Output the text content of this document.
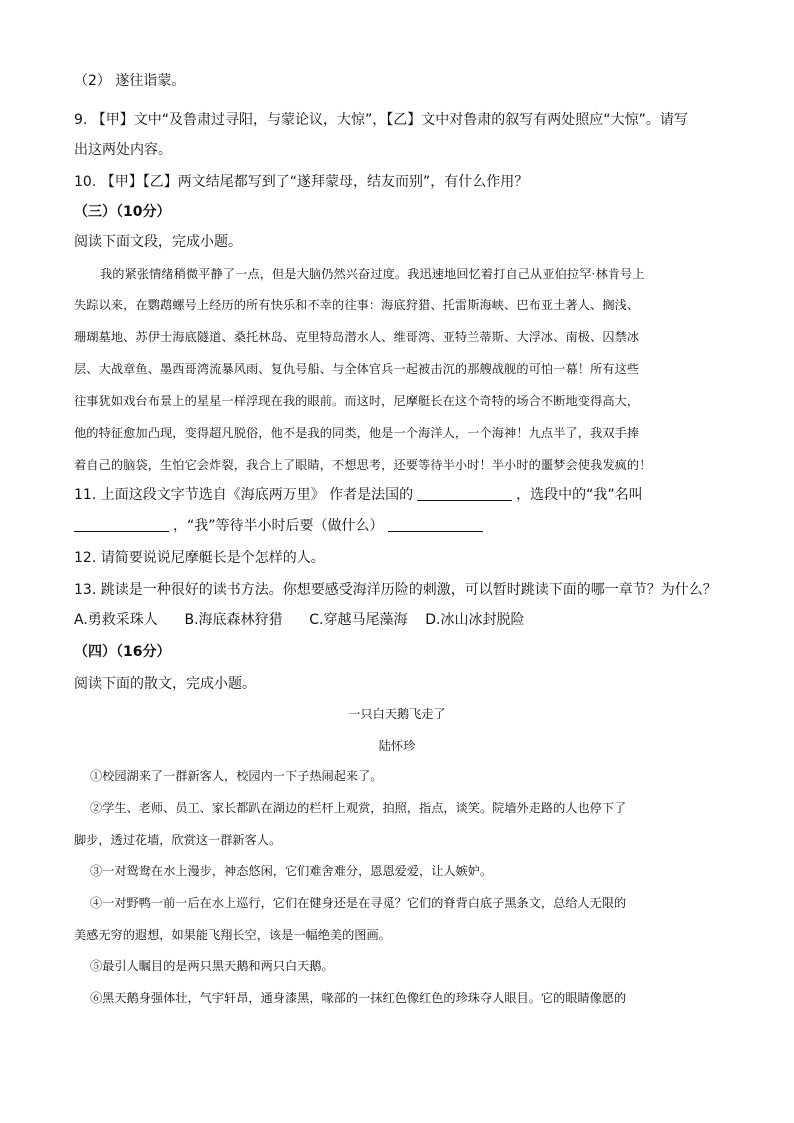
（2） 遂往诣蒙。
9. 【甲】文中“及鲁肃过寻阳，与蒙论议，大惊”，【乙】文中对鲁肃的叙写有两处照应“大惊”。请写
出这两处内容。
10. 【甲】【乙】两文结尾都写到了“遂拜蒙母，结友而别”，有什么作用？
（三）（10分）
阅读下面文段，完成小题。
我的紧张情绪稍微平静了一点，但是大脑仍然兴奋过度。我迅速地回忆着打自己从亚伯拉罕·林肯号上
失踪以来，在鹦鹉螺号上经历的所有快乐和不幸的往事：海底狩猎、托雷斯海峡、巴布亚土著人、搁浅、
珊瑚墓地、苏伊士海底隧道、桑托林岛、克里特岛潜水人、维哥湾、亚特兰蒂斯、大浮冰、南极、囚禁冰
层、大战章鱼、墨西哥湾流暴风雨、复仇号船、与全体官兵一起被击沉的那艘战舰的可怕一幕！所有这些
往事犹如戏台布景上的星星一样浮现在我的眼前。而这时，尼摩艇长在这个奇特的场合不断地变得高大，
他的特征愈加凸现，变得超凡脱俗，他不是我的同类，他是一个海洋人，一个海神！九点半了，我双手捧
着自己的脑袋，生怕它会炸裂，我合上了眼睛，不想思考，还要等待半小时！半小时的噩梦会使我发疯的！
11. 上面这段文字节选自《海底两万里》 作者是法国的	，选段中的“我”名叫
，“我”等待半小时后要（做什么）
12. 请简要说说尼摩艇长是个怎样的人。
13. 跳读是一种很好的读书方法。你想要感受海洋历险的刺激，可以暂时跳读下面的哪一章节？为什么？
A.勇救采珠人      B.海底森林狩猎      C.穿越马尾藻海    D.冰山冰封脱险
（四）（16分）
阅读下面的散文，完成小题。
一只白天鹅飞走了
陆怀珍
①校园湖来了一群新客人，校园内一下子热闹起来了。
②学生、老师、员工、家长都趴在湖边的栏杆上观赏，拍照，指点，谈笑。院墙外走路的人也停下了
脚步，透过花墙，欣赏这一群新客人。
③一对鸳鸯在水上漫步，神态悠闲，它们难舍难分，恩恩爱爱，让人嫉妒。
④一对野鸭一前一后在水上巡行，它们在健身还是在寻觅？它们的脊背白底子黑条文，总给人无限的
美感无穷的遐想，如果能飞翔长空，该是一幅绝美的图画。
⑤最引人瞩目的是两只黑天鹅和两只白天鹅。
⑥黑天鹅身强体壮，气宇轩昂，通身漆黑，喙部的一抹红色像红色的珍珠夺人眼目。它的眼睛像愿的
